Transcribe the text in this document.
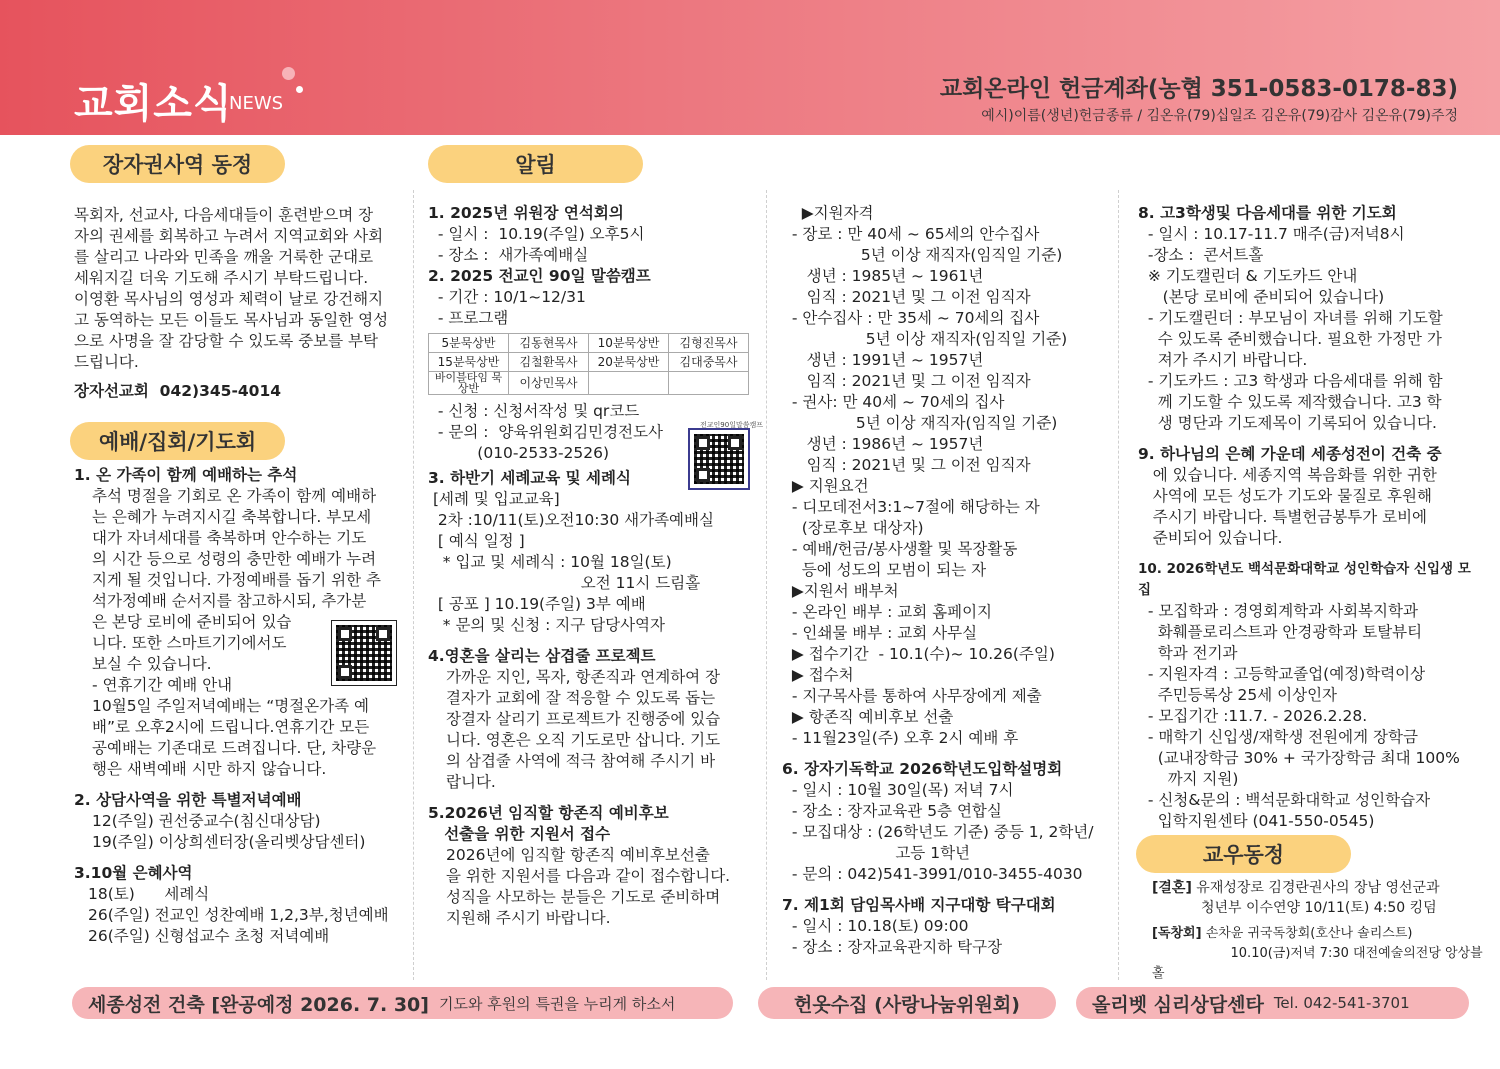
교회소식
NEWS
교회온라인 헌금계좌(농협 351-0583-0178-83)
예시)이름(생년)헌금종류 / 김온유(79)십일조 김온유(79)감사 김온유(79)주정
장자권사역 동정
목회자, 선교사, 다음세대들이 훈련받으며 장
자의 권세를 회복하고 누려서 지역교회와 사회
를 살리고 나라와 민족을 깨울 거룩한 군대로
세워지길 더욱 기도해 주시기 부탁드립니다.
이영환 목사님의 영성과 체력이 날로 강건해지
고 동역하는 모든 이들도 목사님과 동일한 영성
으로 사명을 잘 감당할 수 있도록 중보를 부탁
드립니다.
장자선교회  042)345-4014
예배/집회/기도회
1. 온 가족이 함께 예배하는 추석
추석 명절을 기회로 온 가족이 함께 예배하
는 은혜가 누려지시길 축복합니다. 부모세
대가 자녀세대를 축복하며 안수하는 기도
의 시간 등으로 성령의 충만한 예배가 누려
지게 될 것입니다. 가정예배를 돕기 위한 추
석가정예배 순서지를 참고하시되, 추가분
은 본당 로비에 준비되어 있습
니다. 또한 스마트기기에서도
보실 수 있습니다.
- 연휴기간 예배 안내
10월5일 주일저녁예배는 “명절온가족 예
배”로 오후2시에 드립니다.연휴기간 모든
공예배는 기존대로 드려집니다. 단, 차량운
행은 새벽예배 시만 하지 않습니다.
2. 상담사역을 위한 특별저녁예배
12(주일) 권선중교수(침신대상담)
19(주일) 이상희센터장(올리벳상담센터)
3.10월 은혜사역
18(토)      세례식
26(주일) 전교인 성찬예배 1,2,3부,청년예배
26(주일) 신형섭교수 초청 저녁예배
알림
1. 2025년 위원장 연석회의
- 일시 :  10.19(주일) 오후5시
- 장소 :  새가족예배실
2. 2025 전교인 90일 말씀캠프
- 기간 : 10/1~12/31
- 프로그램
5분묵상반	김동현목사	10분묵상반	김형진목사
15분묵상반	김철환목사	20분묵상반	김대중목사
바이블타임 묵상반	이상민목사		
- 신청 : 신청서작성 및 qr코드
- 문의 :  양육위원회김민경전도사
(010-2533-2526)
3. 하반기 세례교육 및 세례식
[세례 및 입교교육]
2차 :10/11(토)오전10:30 새가족예배실
[ 예식 일정 ]
* 입교 및 세례식 : 10월 18일(토)
오전 11시 드림홀
[ 공포 ] 10.19(주일) 3부 예배
* 문의 및 신청 : 지구 담당사역자
4.영혼을 살리는 삼겹줄 프로젝트
가까운 지인, 목자, 항존직과 연계하여 장
결자가 교회에 잘 적응할 수 있도록 돕는
장결자 살리기 프로젝트가 진행중에 있습
니다. 영혼은 오직 기도로만 삽니다. 기도
의 삼겹줄 사역에 적극 참여해 주시기 바
랍니다.
5.2026년 임직할 항존직 예비후보
선출을 위한 지원서 접수
2026년에 임직할 항존직 예비후보선출
을 위한 지원서를 다음과 같이 접수합니다.
성직을 사모하는 분들은 기도로 준비하며
지원해 주시기 바랍니다.
전교인90일말씀캠프
▶지원자격
- 장로 : 만 40세 ~ 65세의 안수집사
5년 이상 재직자(임직일 기준)
생년 : 1985년 ~ 1961년
임직 : 2021년 및 그 이전 임직자
- 안수집사 : 만 35세 ~ 70세의 집사
5년 이상 재직자(임직일 기준)
생년 : 1991년 ~ 1957년
임직 : 2021년 및 그 이전 임직자
- 권사: 만 40세 ~ 70세의 집사
5년 이상 재직자(임직일 기준)
생년 : 1986년 ~ 1957년
임직 : 2021년 및 그 이전 임직자
▶ 지원요건
- 디모데전서3:1~7절에 해당하는 자
(장로후보 대상자)
- 예배/헌금/봉사생활 및 목장활동
등에 성도의 모범이 되는 자
▶지원서 배부처
- 온라인 배부 : 교회 홈페이지
- 인쇄물 배부 : 교회 사무실
▶ 접수기간  - 10.1(수)~ 10.26(주일)
▶ 접수처
- 지구목사를 통하여 사무장에게 제출
▶ 항존직 예비후보 선출
- 11월23일(주) 오후 2시 예배 후
6. 장자기독학교 2026학년도입학설명회
- 일시 : 10월 30일(목) 저녁 7시
- 장소 : 장자교육관 5층 연합실
- 모집대상 : (26학년도 기준) 중등 1, 2학년/
고등 1학년
- 문의 : 042)541-3991/010-3455-4030
7. 제1회 담임목사배 지구대항 탁구대회
- 일시 : 10.18(토) 09:00
- 장소 : 장자교육관지하 탁구장
8. 고3학생및 다음세대를 위한 기도회
- 일시 : 10.17-11.7 매주(금)저녁8시
-장소 :  콘서트홀
※ 기도캘린더 & 기도카드 안내
(본당 로비에 준비되어 있습니다)
- 기도캘린더 : 부모님이 자녀를 위해 기도할
수 있도록 준비했습니다. 필요한 가정만 가
져가 주시기 바랍니다.
- 기도카드 : 고3 학생과 다음세대를 위해 함
께 기도할 수 있도록 제작했습니다. 고3 학
생 명단과 기도제목이 기록되어 있습니다.
9. 하나님의 은혜 가운데 세종성전이 건축 중
에 있습니다. 세종지역 복음화를 위한 귀한
사역에 모든 성도가 기도와 물질로 후원해
주시기 바랍니다. 특별헌금봉투가 로비에
준비되어 있습니다.
10. 2026학년도 백석문화대학교 성인학습자 신입생 모집
- 모집학과 : 경영회계학과 사회복지학과
화훼플로리스트과 안경광학과 토탈뷰티
학과 전기과
- 지원자격 : 고등학교졸업(예정)학력이상
주민등록상 25세 이상인자
- 모집기간 :11.7. - 2026.2.28.
- 매학기 신입생/재학생 전원에게 장학금
(교내장학금 30% + 국가장학금 최대 100%
까지 지원)
- 신청&문의 : 백석문화대학교 성인학습자
입학지원센타 (041-550-0545)
교우동정
[결혼] 유재성장로 김경란권사의 장남 영선군과
청년부 이수연양 10/11(토) 4:50 킹덤
[독창회] 손차윤 귀국독창회(호산나 솔리스트)
10.10(금)저녁 7:30 대전예술의전당 앙상블홀
세종성전 건축 [완공예정 2026. 7. 30] 기도와 후원의 특권을 누리게 하소서	헌옷수집 (사랑나눔위원회)	올리벳 심리상담센타 Tel. 042-541-3701
